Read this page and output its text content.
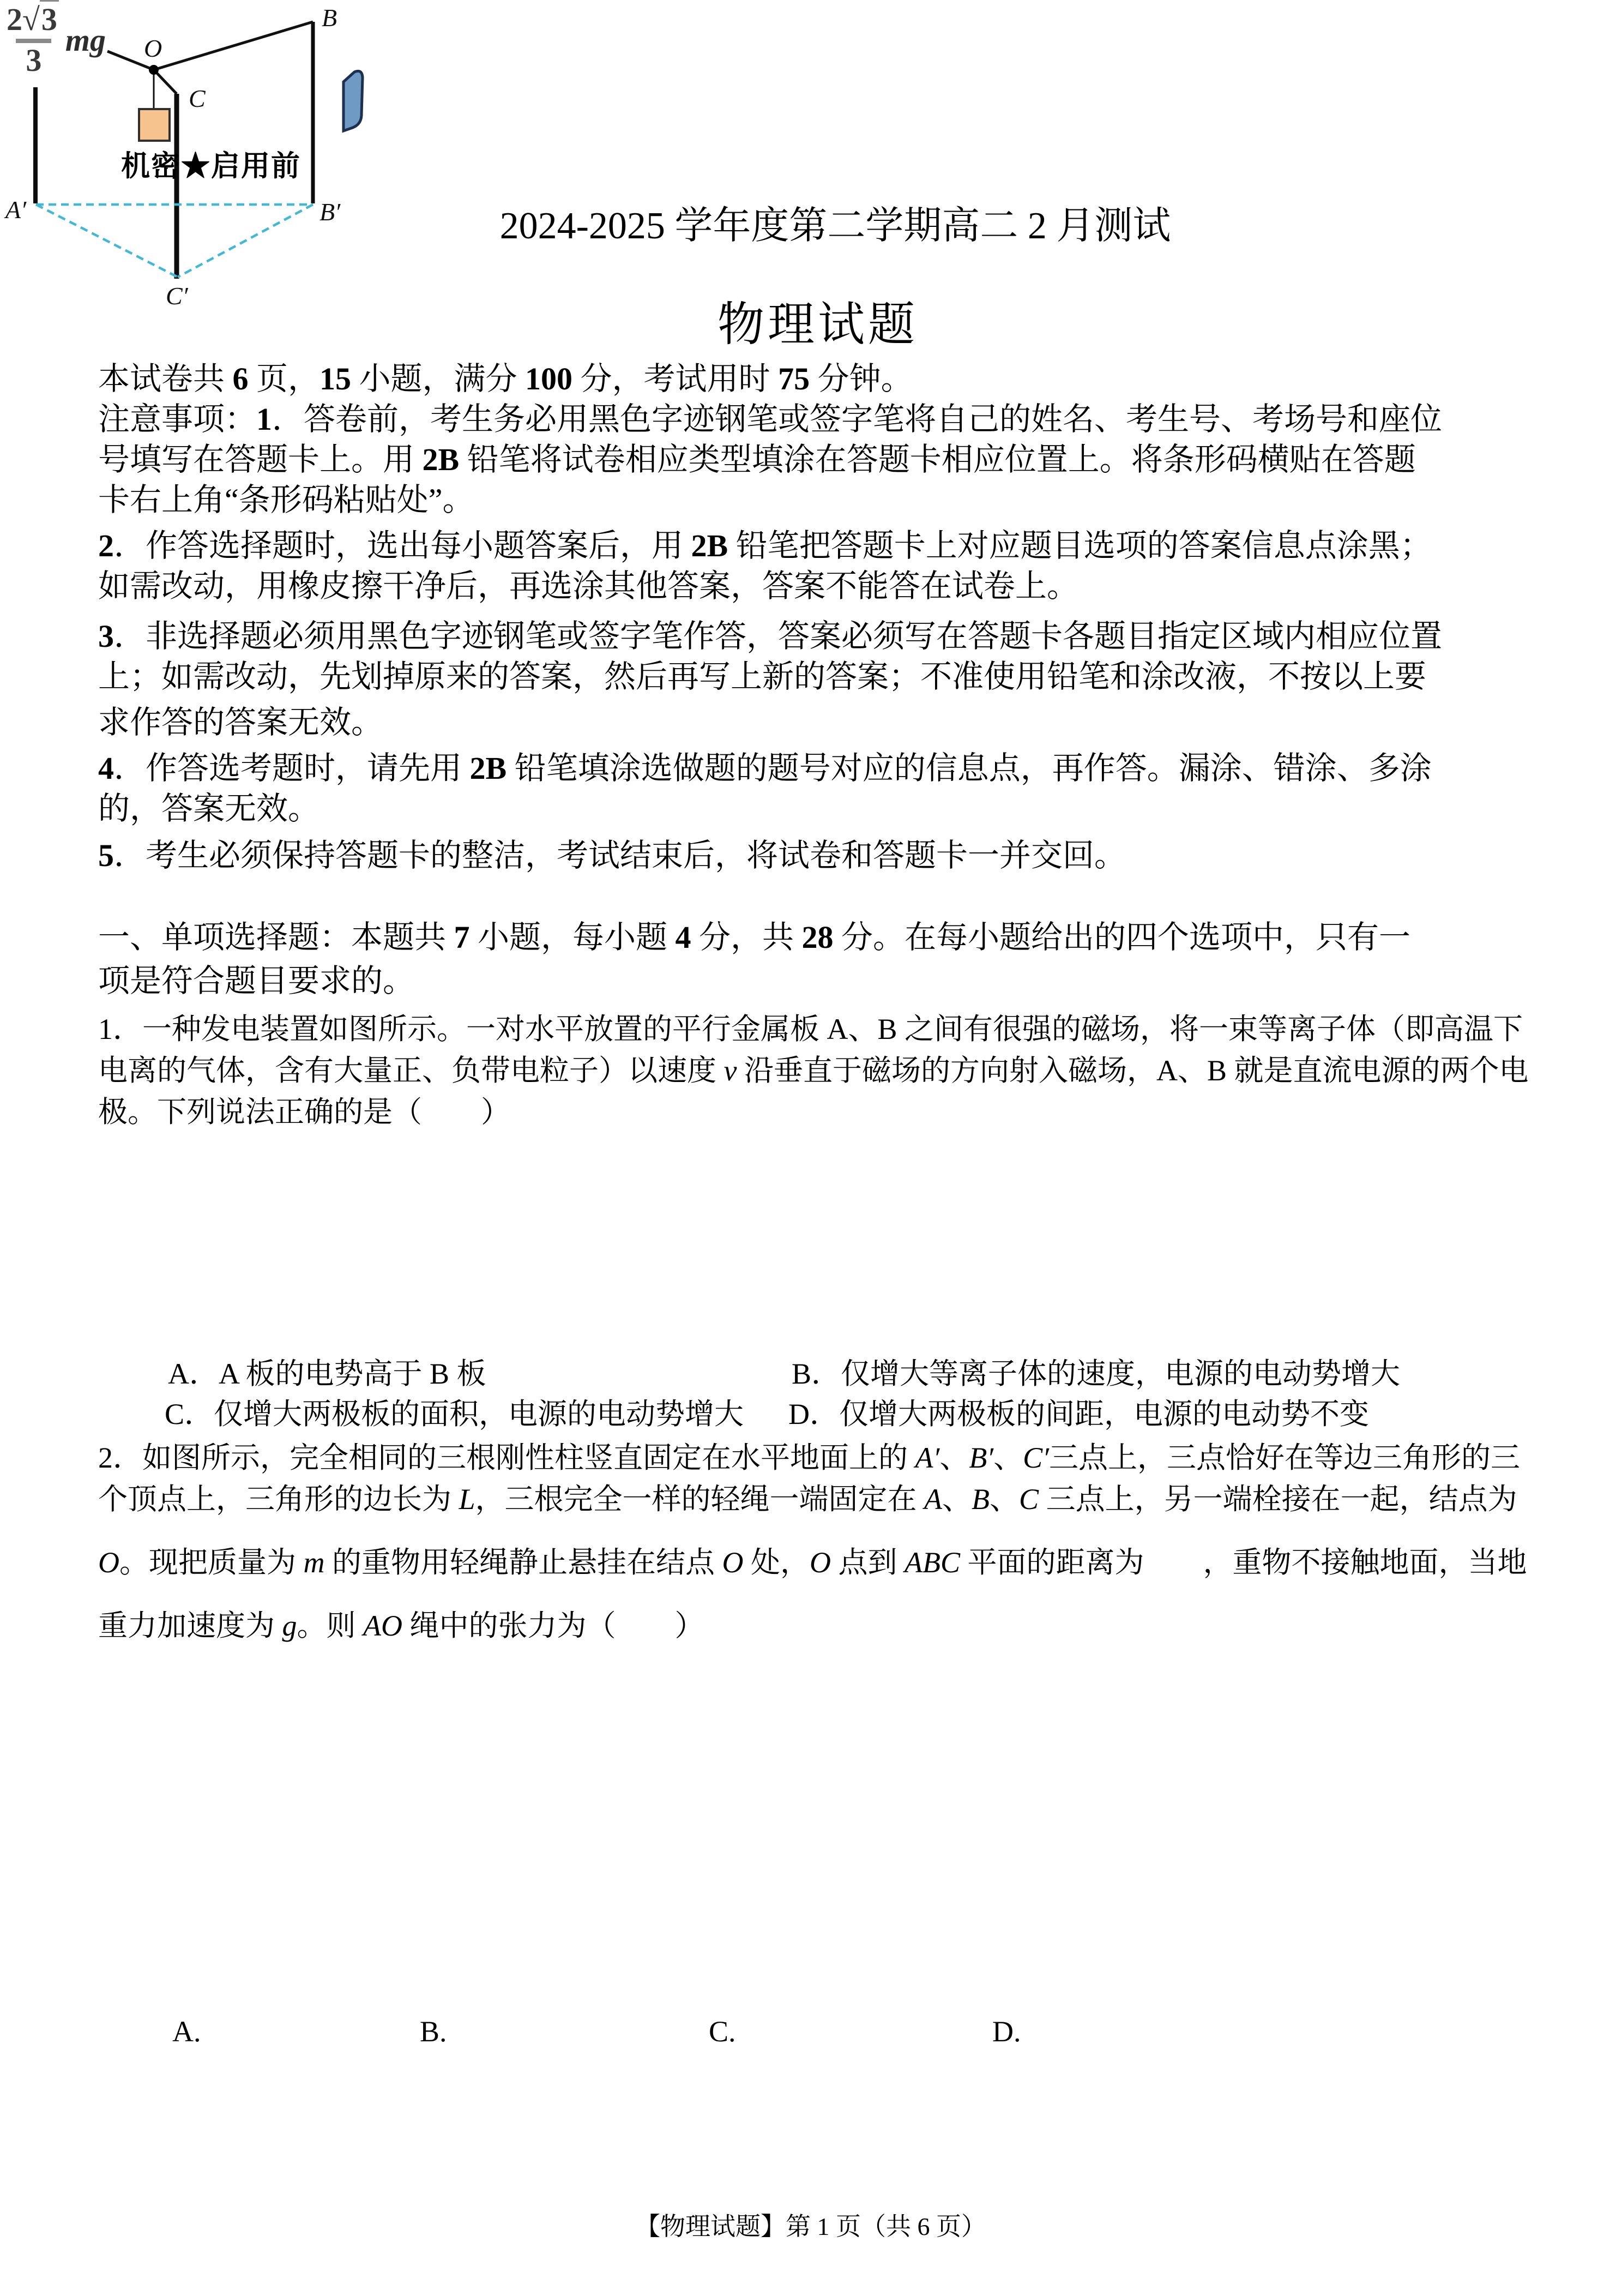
O
B
C
A′	B′
C′
$\frac{2√3}{3}$ mg
机密★启用前
2024-2025 学年度第二学期高二 2 月测试
物理试题
本试卷共 6 页，15 小题，满分 100 分，考试用时 75 分钟。
注意事项：1．答卷前，考生务必用黑色字迹钢笔或签字笔将自己的姓名、考生号、考场号和座位
号填写在答题卡上。用 2B 铅笔将试卷相应类型填涂在答题卡相应位置上。将条形码横贴在答题
卡右上角“条形码粘贴处”。
2．作答选择题时，选出每小题答案后，用 2B 铅笔把答题卡上对应题目选项的答案信息点涂黑；
如需改动，用橡皮擦干净后，再选涂其他答案，答案不能答在试卷上。
3．非选择题必须用黑色字迹钢笔或签字笔作答，答案必须写在答题卡各题目指定区域内相应位置
上；如需改动，先划掉原来的答案，然后再写上新的答案；不准使用铅笔和涂改液，不按以上要
求作答的答案无效。
4．作答选考题时，请先用 2B 铅笔填涂选做题的题号对应的信息点，再作答。漏涂、错涂、多涂
的，答案无效。
5．考生必须保持答题卡的整洁，考试结束后，将试卷和答题卡一并交回。
一、单项选择题：本题共 7 小题，每小题 4 分，共 28 分。在每小题给出的四个选项中，只有一
项是符合题目要求的。
1．一种发电装置如图所示。一对水平放置的平行金属板 A、B 之间有很强的磁场，将一束等离子体（即高温下
电离的气体，含有大量正、负带电粒子）以速度 v 沿垂直于磁场的方向射入磁场，A、B 就是直流电源的两个电
极。下列说法正确的是（　　）
A．A 板的电势高于 B 板	B．仅增大等离子体的速度，电源的电动势增大
C．仅增大两极板的面积，电源的电动势增大 D．仅增大两极板的间距，电源的电动势不变
2．如图所示，完全相同的三根刚性柱竖直固定在水平地面上的 A′、B′、C′三点上，三点恰好在等边三角形的三
个顶点上，三角形的边长为 L，三根完全一样的轻绳一端固定在 A、B、C 三点上，另一端栓接在一起，结点为
O。现把质量为 m 的重物用轻绳静止悬挂在结点 O 处，O 点到 ABC 平面的距离为　　，重物不接触地面，当地
重力加速度为 g。则 AO 绳中的张力为（　　）
A.	B.	C.	D.
【物理试题】第 1 页（共 6 页）
